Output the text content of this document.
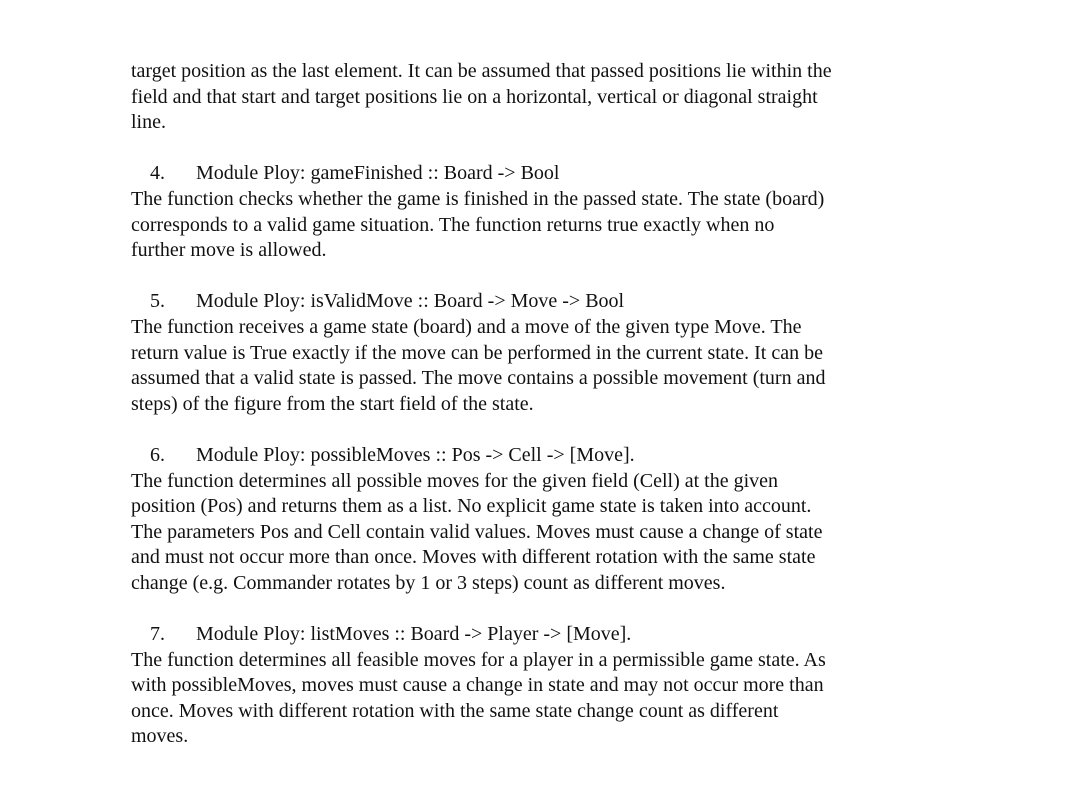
target position as the last element. It can be assumed that passed positions lie within the
field and that start and target positions lie on a horizontal, vertical or diagonal straight
line.

4. Module Ploy: gameFinished :: Board -> Bool

The function checks whether the game is finished in the passed state. The state (board)
corresponds to a valid game situation. The function returns true exactly when no
further move is allowed.

5. Module Ploy: isValidMove :: Board -> Move -> Bool

The function receives a game state (board) and a move of the given type Move. The
return value is True exactly if the move can be performed in the current state. It can be
assumed that a valid state is passed. The move contains a possible movement (turn and
steps) of the figure from the start field of the state.

6. Module Ploy: possibleMoves :: Pos -> Cell -> [Move].

The function determines all possible moves for the given field (Cell) at the given
position (Pos) and returns them as a list. No explicit game state is taken into account.
The parameters Pos and Cell contain valid values. Moves must cause a change of state
and must not occur more than once. Moves with different rotation with the same state
change (e.g. Commander rotates by 1 or 3 steps) count as different moves.

7. Module Ploy: listMoves :: Board -> Player -> [Move].

The function determines all feasible moves for a player in a permissible game state. As
with possibleMoves, moves must cause a change in state and may not occur more than
once. Moves with different rotation with the same state change count as different
moves.
